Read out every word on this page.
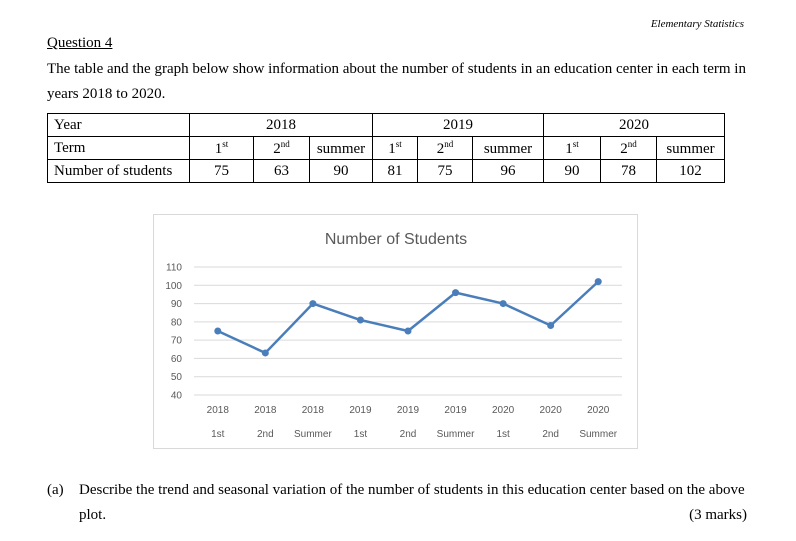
Elementary Statistics
Question 4
The table and the graph below show information about the number of students in an education center in each term in years 2018 to 2020.
Year	2018			2019			2020		
Term	1st	2nd	summer	1st	2nd	summer	1st	2nd	summer
Number of students	75	63	90	81	75	96	90	78	102
Number of Students
40
50
60
70
80
90
100
110
2018
1st
2018
2nd
2018
Summer
2019
1st
2019
2nd
2019
Summer
2020
1st
2020
2nd
2020
Summer
(a) Describe the trend and seasonal variation of the number of students in this education center based on the above plot.	(3 marks)
